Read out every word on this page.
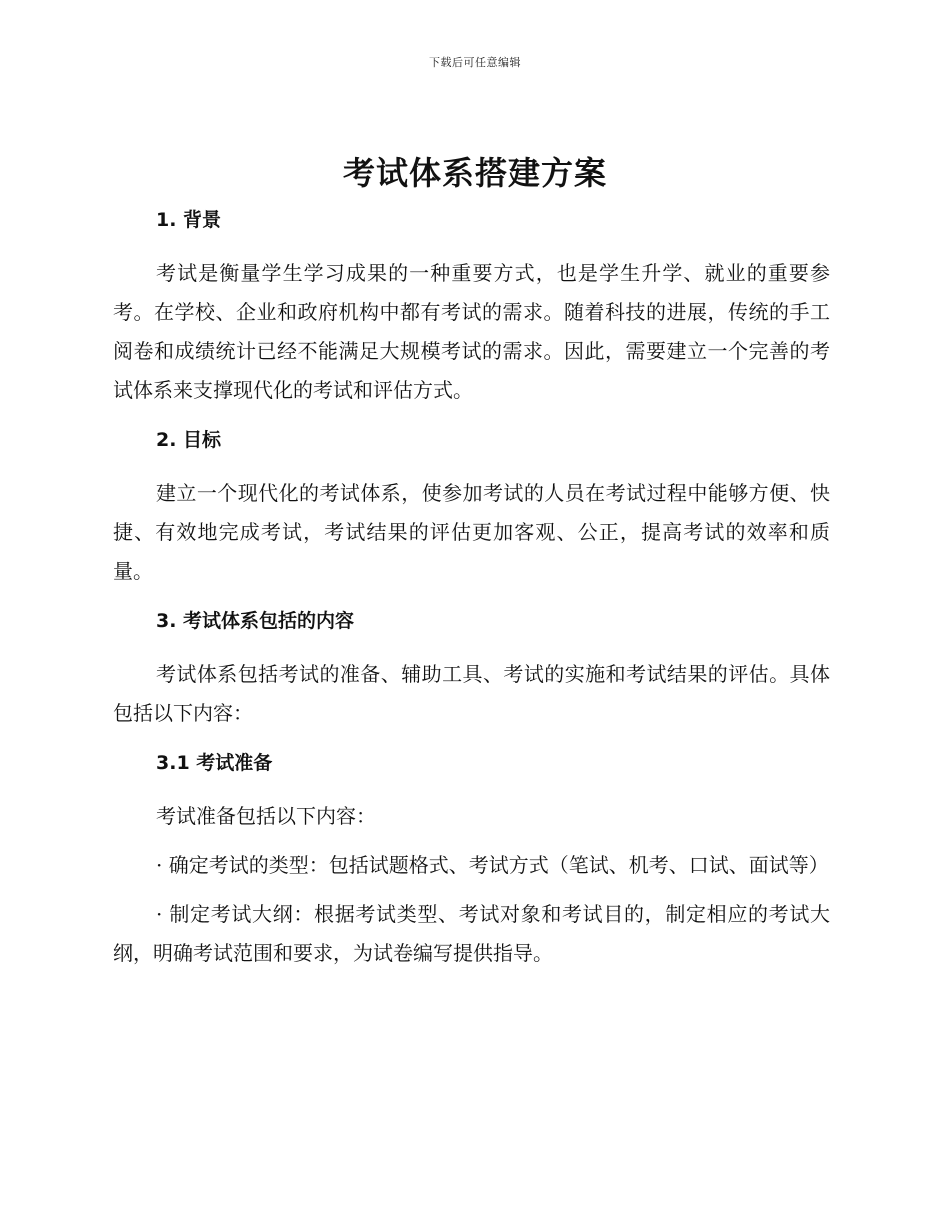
下载后可任意编辑
考试体系搭建方案

1. 背景

考试是衡量学生学习成果的一种重要方式，也是学生升学、就业的重要参考。在学校、企业和政府机构中都有考试的需求。随着科技的进展，传统的手工阅卷和成绩统计已经不能满足大规模考试的需求。因此，需要建立一个完善的考试体系来支撑现代化的考试和评估方式。

2. 目标

建立一个现代化的考试体系，使参加考试的人员在考试过程中能够方便、快捷、有效地完成考试，考试结果的评估更加客观、公正，提高考试的效率和质量。

3. 考试体系包括的内容

考试体系包括考试的准备、辅助工具、考试的实施和考试结果的评估。具体包括以下内容：

3.1 考试准备

考试准备包括以下内容：

· 确定考试的类型：包括试题格式、考试方式（笔试、机考、口试、面试等）

· 制定考试大纲：根据考试类型、考试对象和考试目的，制定相应的考试大纲，明确考试范围和要求，为试卷编写提供指导。
